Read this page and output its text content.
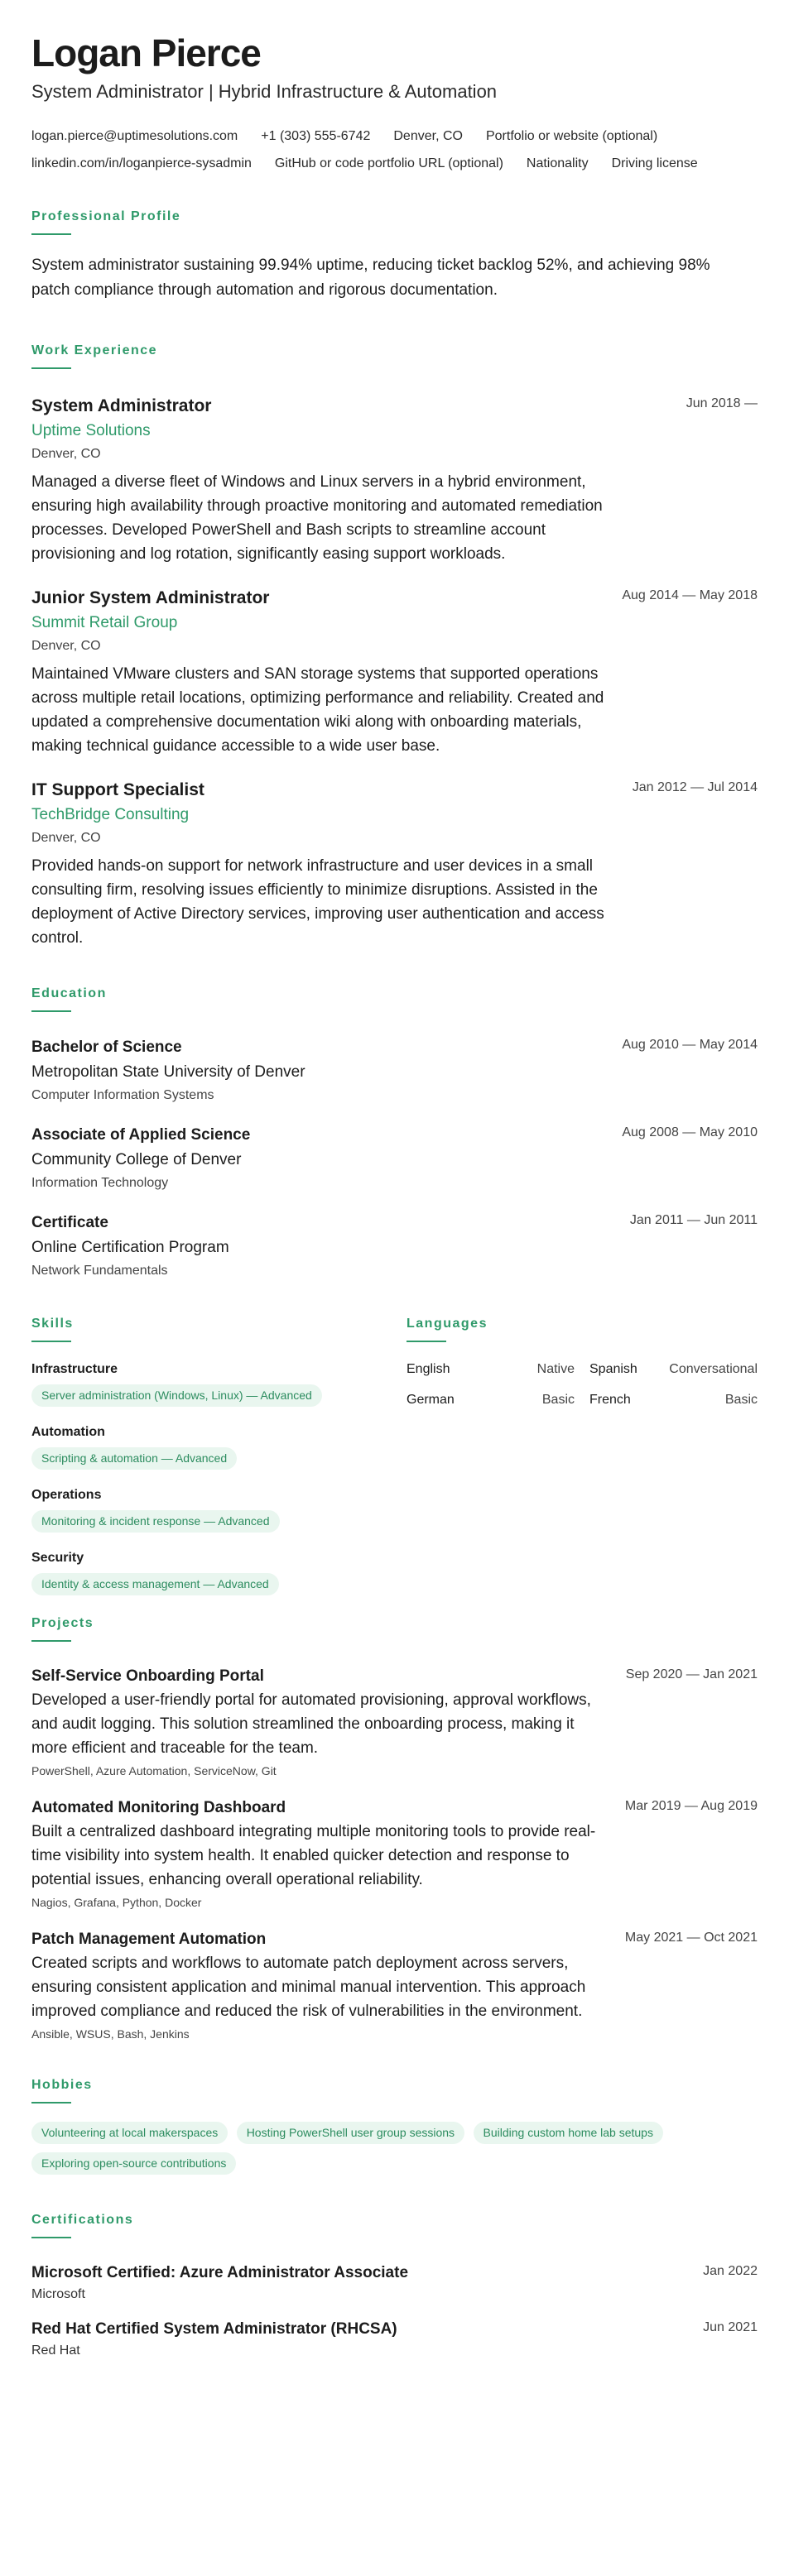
Logan Pierce
System Administrator | Hybrid Infrastructure & Automation
logan.pierce@uptimesolutions.com +1 (303) 555-6742 Denver, CO Portfolio or website (optional)
linkedin.com/in/loganpierce-sysadmin GitHub or code portfolio URL (optional) Nationality Driving license
Professional Profile
System administrator sustaining 99.94% uptime, reducing ticket backlog 52%, and achieving 98% patch compliance through automation and rigorous documentation.
Work Experience
Jun 2018 —
System Administrator
Uptime Solutions
Denver, CO
Managed a diverse fleet of Windows and Linux servers in a hybrid environment, ensuring high availability through proactive monitoring and automated remediation processes. Developed PowerShell and Bash scripts to streamline account provisioning and log rotation, significantly easing support workloads.
Aug 2014 — May 2018
Junior System Administrator
Summit Retail Group
Denver, CO
Maintained VMware clusters and SAN storage systems that supported operations across multiple retail locations, optimizing performance and reliability. Created and updated a comprehensive documentation wiki along with onboarding materials, making technical guidance accessible to a wide user base.
Jan 2012 — Jul 2014
IT Support Specialist
TechBridge Consulting
Denver, CO
Provided hands-on support for network infrastructure and user devices in a small consulting firm, resolving issues efficiently to minimize disruptions. Assisted in the deployment of Active Directory services, improving user authentication and access control.
Education
Aug 2010 — May 2014
Bachelor of Science
Metropolitan State University of Denver
Computer Information Systems
Aug 2008 — May 2010
Associate of Applied Science
Community College of Denver
Information Technology
Jan 2011 — Jun 2011
Certificate
Online Certification Program
Network Fundamentals
Skills
Infrastructure
Server administration (Windows, Linux) — Advanced
Automation
Scripting & automation — Advanced
Operations
Monitoring & incident response — Advanced
Security
Identity & access management — Advanced
Languages
English	Native Spanish Conversational
German	Basic French	Basic
Projects
Sep 2020 — Jan 2021
Self-Service Onboarding Portal
Developed a user-friendly portal for automated provisioning, approval workflows, and audit logging. This solution streamlined the onboarding process, making it more efficient and traceable for the team.
PowerShell, Azure Automation, ServiceNow, Git
Mar 2019 — Aug 2019
Automated Monitoring Dashboard
Built a centralized dashboard integrating multiple monitoring tools to provide real-time visibility into system health. It enabled quicker detection and response to potential issues, enhancing overall operational reliability.
Nagios, Grafana, Python, Docker
May 2021 — Oct 2021
Patch Management Automation
Created scripts and workflows to automate patch deployment across servers, ensuring consistent application and minimal manual intervention. This approach improved compliance and reduced the risk of vulnerabilities in the environment.
Ansible, WSUS, Bash, Jenkins
Hobbies
Volunteering at local makerspaces Hosting PowerShell user group sessions Building custom home lab setups Exploring open-source contributions
Certifications
Jan 2022
Microsoft Certified: Azure Administrator Associate
Microsoft
Jun 2021
Red Hat Certified System Administrator (RHCSA)
Red Hat
